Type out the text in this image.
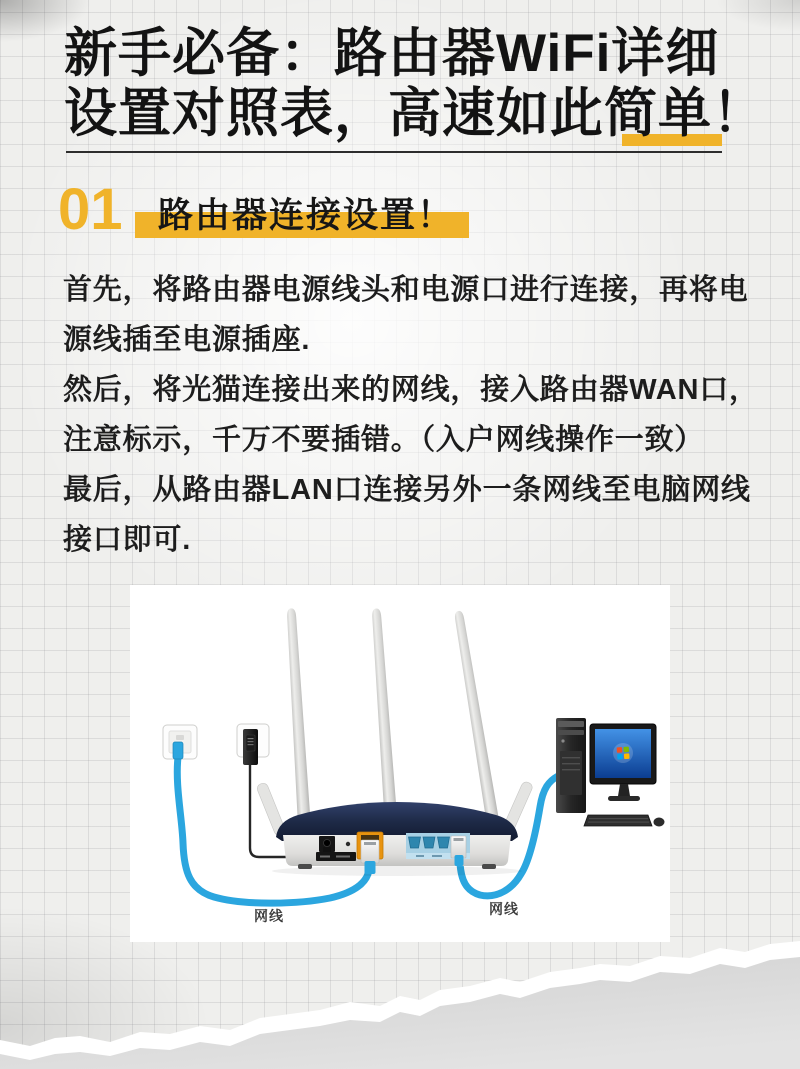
新手必备：路由器WiFi详细
设置对照表，高速如此简单！
01 路由器连接设置！
首先，将路由器电源线头和电源口进行连接，再将电
源线插至电源插座.
然后，将光猫连接出来的网线，接入路由器WAN口，
注意标示，千万不要插错。（入户网线操作一致）
最后，从路由器LAN口连接另外一条网线至电脑网线
接口即可.
网线	网线
